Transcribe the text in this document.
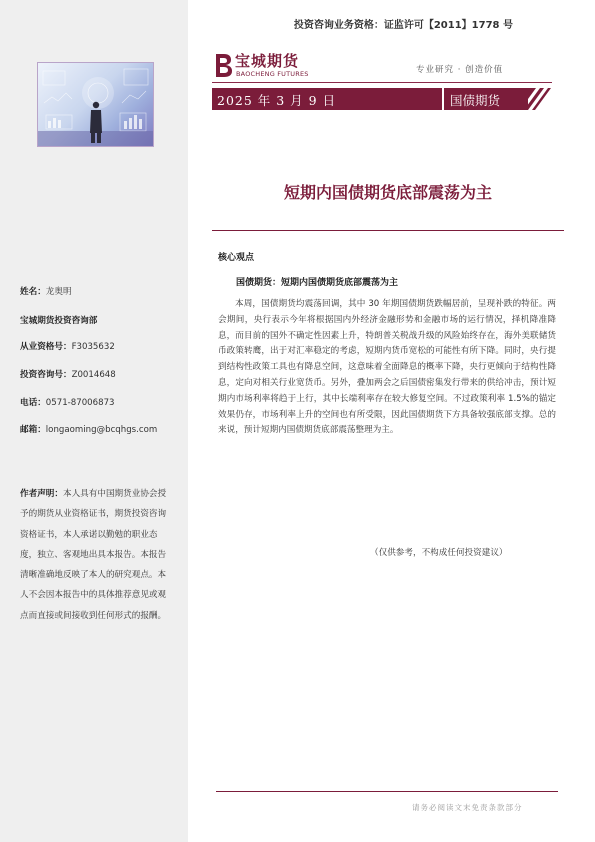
姓名：龙奥明
宝城期货投资咨询部
从业资格号：F3035632
投资咨询号：Z0014648
电话：0571-87006873
邮箱：longaoming@bcqhgs.com
作者声明：本人具有中国期货业协会授予的期货从业资格证书，期货投资咨询资格证书，本人承诺以勤勉的职业态度，独立、客观地出具本报告。本报告清晰准确地反映了本人的研究观点。本人不会因本报告中的具体推荐意见或观点而直接或间接收到任何形式的报酬。
投资咨询业务资格：证监许可【2011】1778 号
宝城期货
BAOCHENG FUTURES	专业研究 · 创造价值
2025 年 3 月 9 日	国债期货
短期内国债期货底部震荡为主
核心观点
国债期货：短期内国债期货底部震荡为主
本周，国债期货均震荡回调，其中 30 年期国债期货跌幅居前，呈现补跌的特征。两会期间，央行表示今年将根据国内外经济金融形势和金融市场的运行情况，择机降准降息，而目前的国外不确定性因素上升，特朗普关税战升级的风险始终存在，海外美联储货币政策转鹰，出于对汇率稳定的考虑，短期内货币宽松的可能性有所下降。同时，央行提到结构性政策工具也有降息空间，这意味着全面降息的概率下降，央行更倾向于结构性降息，定向对相关行业宽货币。另外，叠加两会之后国债密集发行带来的供给冲击，预计短期内市场利率将趋于上行，其中长端利率存在较大修复空间。不过政策利率 1.5%的锚定效果仍存，市场利率上升的空间也有所受限，因此国债期货下方具备较强底部支撑。总的来说，预计短期内国债期货底部震荡整理为主。
（仅供参考，不构成任何投资建议）
请务必阅读文末免责条款部分
